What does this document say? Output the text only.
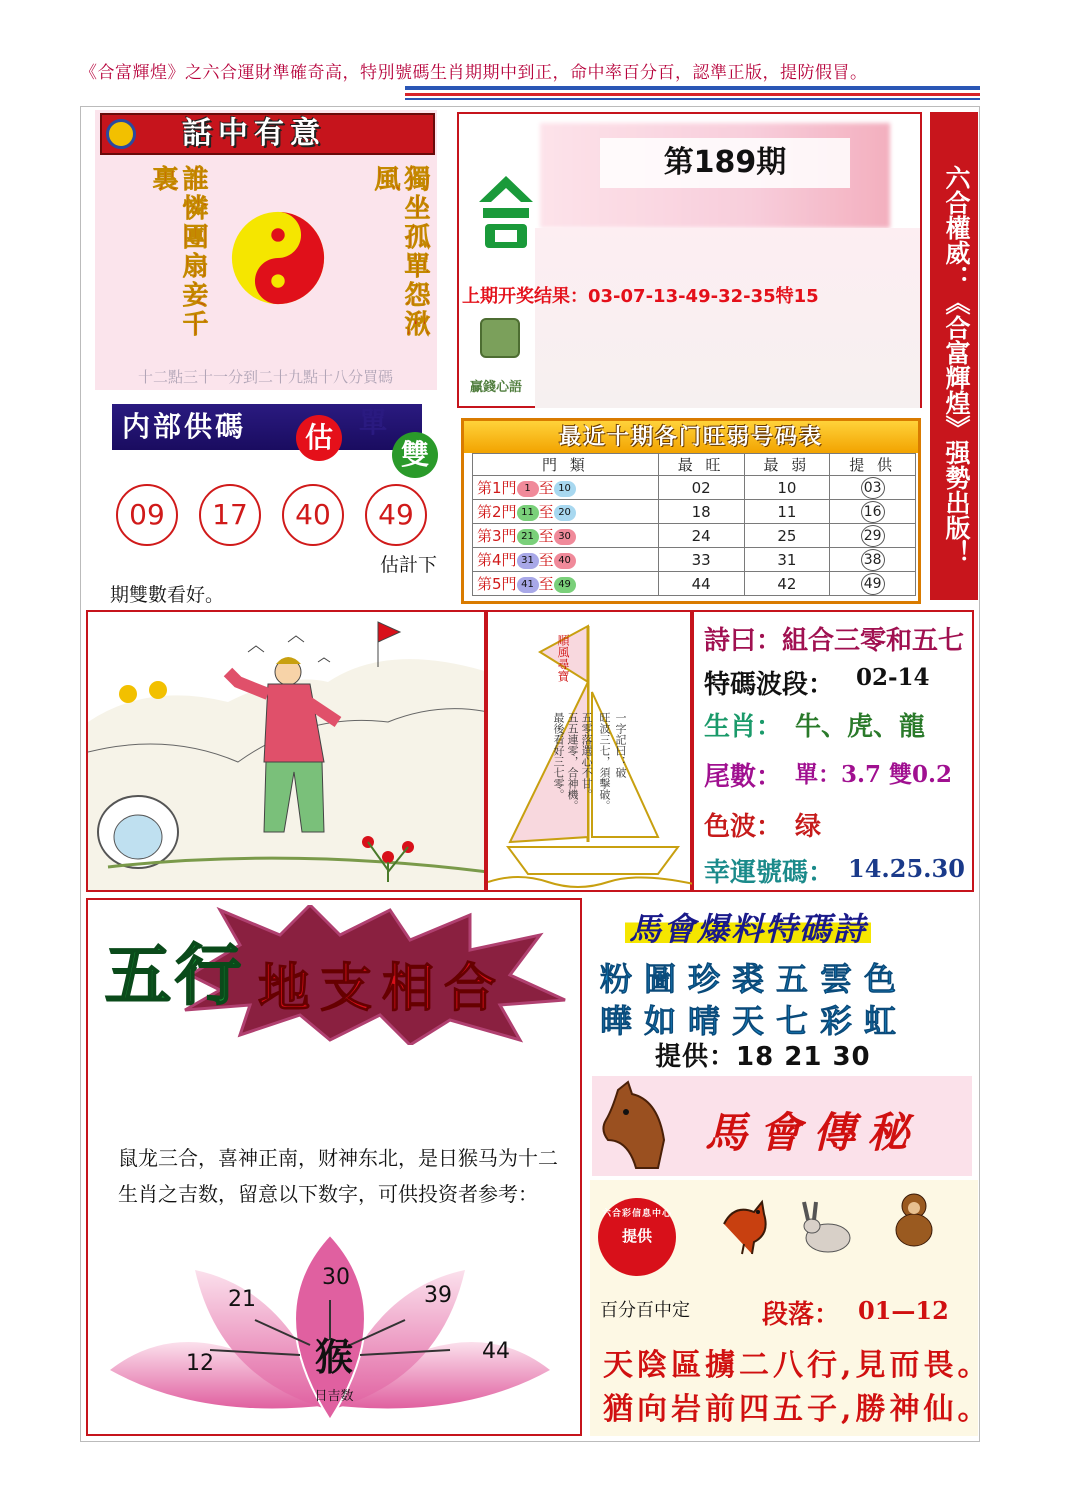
《合富輝煌》之六合運財準確奇高，特別號碼生肖期期中到正，命中率百分百，認準正版，提防假冒。
話中有意
誰憐團扇妾千裏	獨坐孤單怨湫風
十二點三十一分到二十九點十八分買碼
第189期
上期开奖结果：03-07-13-49-32-35特15
贏錢心語	六合權威：《合富輝煌》强勢出版！
内部供碼	估 單
雙
09	17	40	49
估計下
期雙數看好。
最近十期各门旺弱号码表
門 類	最 旺	最 弱	提 供
第1門 1 至 10	02	10	03
第2門 11 至 20	18	11	16
第3門 21 至 30	24	25	29
第4門 31 至 40	33	31	38
第5門 41 至 49	44	42	49
順風尋寶
一字記曰：破
旺波三七，須擊破。
五零落選心不甘。
五五連零，合神機。
最後看好三七零。
詩曰：組合三零和五七
特碼波段： 02-14
生肖： 牛、虎、龍
尾數： 單：3.7 雙0.2
色波： 绿
幸運號碼： 14.25.30
五行 地支相合
鼠龙三合，喜神正南，财神东北，是日猴马为十二生肖之吉数，留意以下数字，可供投资者参考：
猴
日吉数
12
21
30
39
44
馬會爆料特碼詩
粉圖珍裘五雲色
曄如晴天七彩虹
提供：18 21 30
馬會傳秘
六合彩信息中心
提供
百分百中定	段落： 01—12
天陰區擄二八行,見而畏。
猶向岩前四五子,勝神仙。
